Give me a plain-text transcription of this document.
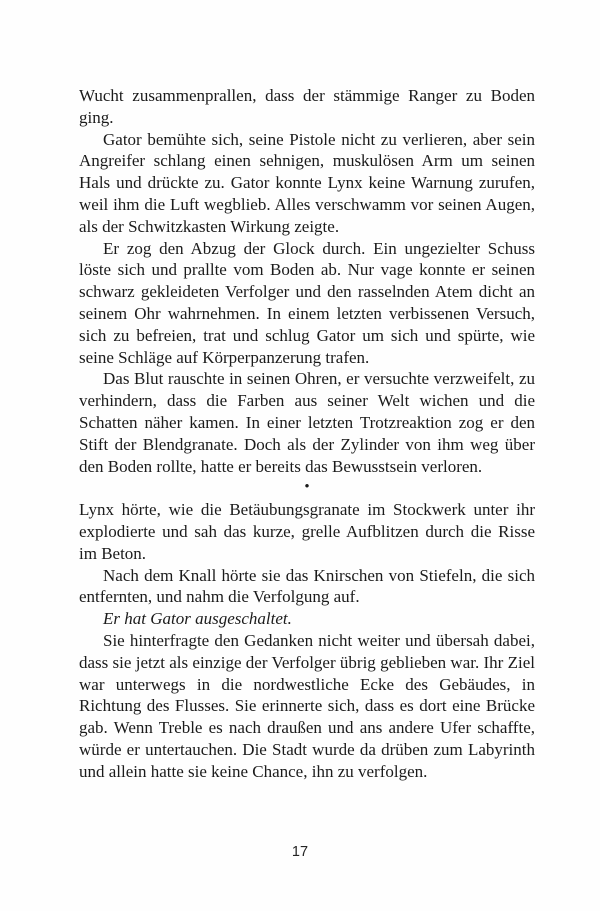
Wucht zusammenprallen, dass der stämmige Ranger zu Boden ging.

Gator bemühte sich, seine Pistole nicht zu verlieren, aber sein Angreifer schlang einen sehnigen, muskulösen Arm um seinen Hals und drückte zu. Gator konnte Lynx keine Warnung zurufen, weil ihm die Luft wegblieb. Alles verschwamm vor seinen Augen, als der Schwitzkasten Wirkung zeigte.

Er zog den Abzug der Glock durch. Ein ungezielter Schuss löste sich und prallte vom Boden ab. Nur vage konnte er seinen schwarz gekleideten Verfolger und den rasselnden Atem dicht an seinem Ohr wahrnehmen. In einem letzten verbissenen Versuch, sich zu befreien, trat und schlug Gator um sich und spürte, wie seine Schläge auf Körperpanzerung trafen.

Das Blut rauschte in seinen Ohren, er versuchte verzweifelt, zu verhindern, dass die Farben aus seiner Welt wichen und die Schatten näher kamen. In einer letzten Trotzreaktion zog er den Stift der Blendgranate. Doch als der Zylinder von ihm weg über den Boden rollte, hatte er bereits das Bewusstsein verloren.

•

Lynx hörte, wie die Betäubungsgranate im Stockwerk unter ihr explodierte und sah das kurze, grelle Aufblitzen durch die Risse im Beton.

Nach dem Knall hörte sie das Knirschen von Stiefeln, die sich entfernten, und nahm die Verfolgung auf.

Er hat Gator ausgeschaltet.

Sie hinterfragte den Gedanken nicht weiter und übersah dabei, dass sie jetzt als einzige der Verfolger übrig geblieben war. Ihr Ziel war unterwegs in die nordwestliche Ecke des Gebäudes, in Richtung des Flusses. Sie erinnerte sich, dass es dort eine Brücke gab. Wenn Treble es nach draußen und ans andere Ufer schaffte, würde er untertauchen. Die Stadt wurde da drüben zum Labyrinth und allein hatte sie keine Chance, ihn zu verfolgen.

17
